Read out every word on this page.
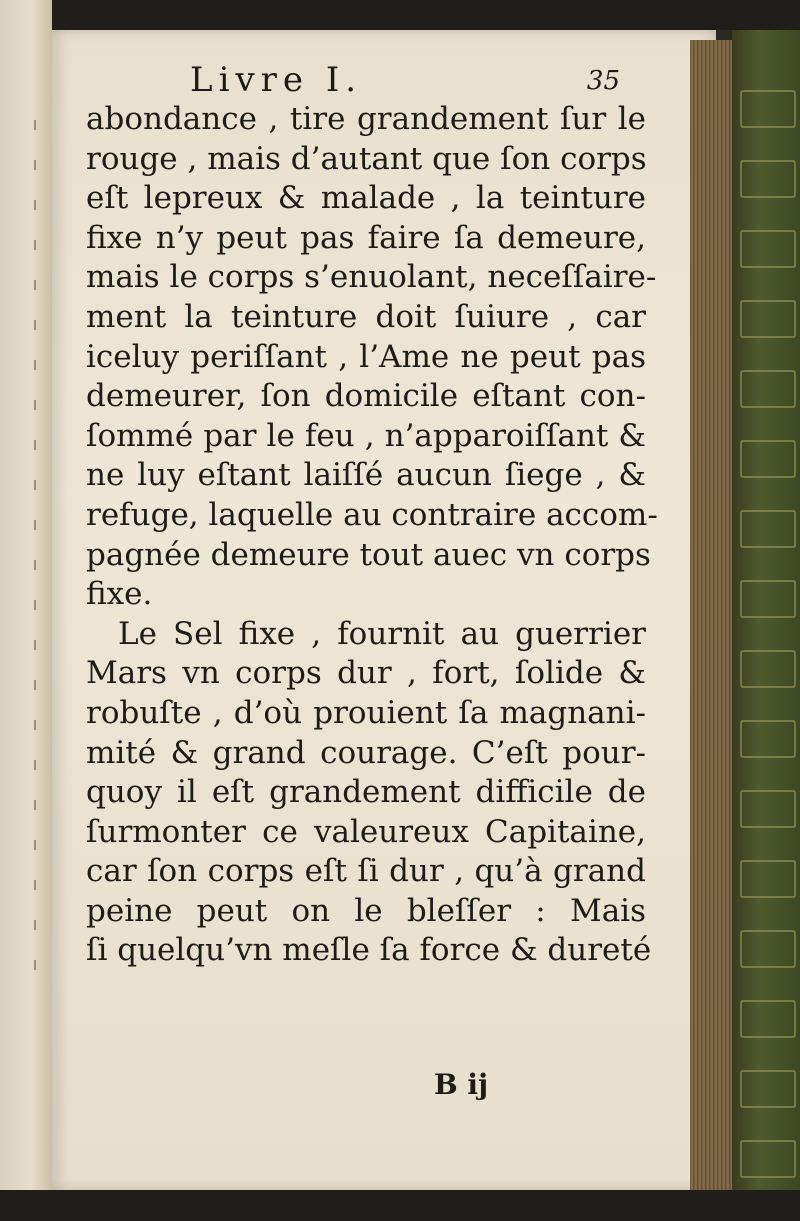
Livre I.	35
abondance , tire grandement ſur le
rouge , mais d’autant que ſon corps
eſt lepreux & malade , la teinture
fixe n’y peut pas faire ſa demeure,
mais le corps s’enuolant, neceſſaire-
ment la teinture doit ſuiure , car
iceluy periſſant , l’Ame ne peut pas
demeurer, ſon domicile eſtant con-
ſommé par le feu , n’apparoiſſant &
ne luy eſtant laiſſé aucun ſiege , &
refuge, laquelle au contraire accom-
pagnée demeure tout auec vn corps
fixe.
Le Sel fixe , fournit au guerrier
Mars vn corps dur , fort, ſolide &
robuſte , d’où prouient ſa magnani-
mité & grand courage. C’eſt pour-
quoy il eſt grandement difficile de
ſurmonter ce valeureux Capitaine,
car ſon corps eſt ſi dur , qu’à grand
peine peut on le bleſſer : Mais
ſi quelqu’vn meſle ſa force & dureté
B ij
